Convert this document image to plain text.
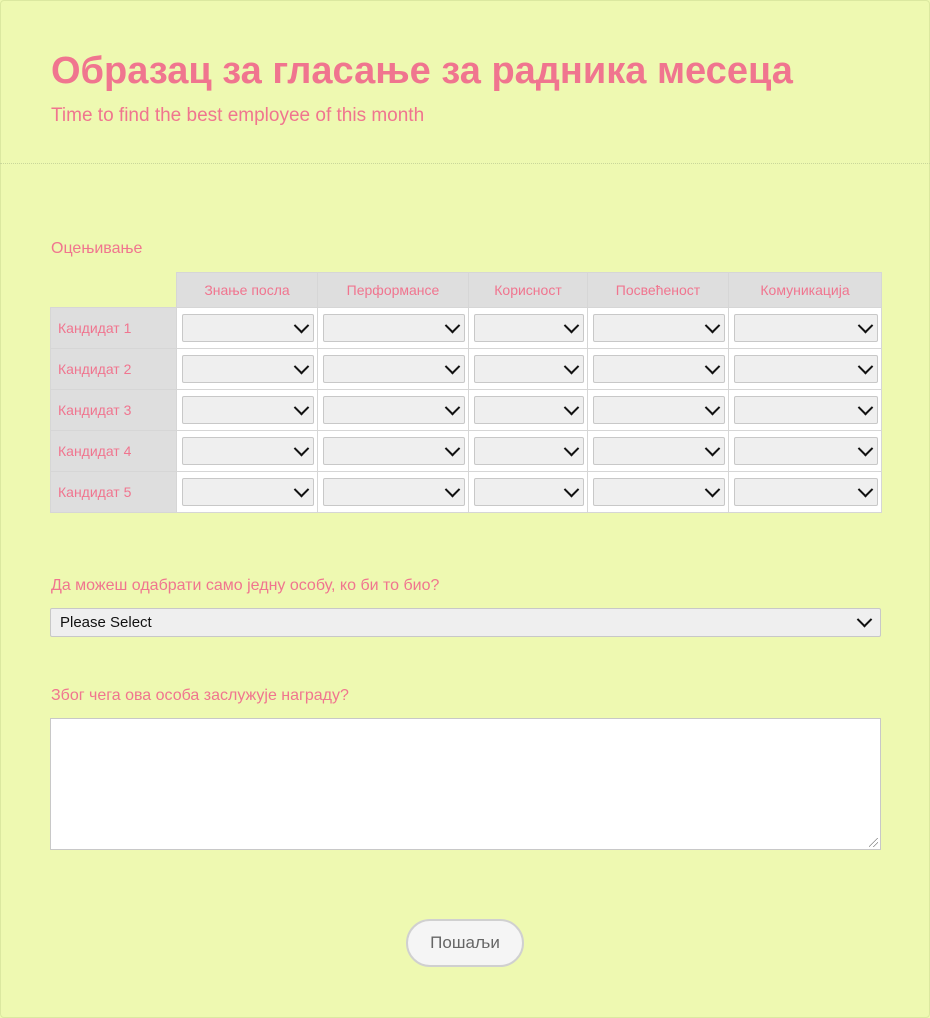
Образац за гласање за радника месеца
Time to find the best employee of this month
Оцењивање
	Знање посла	Перформансе	Корисност	Посвећеност	Комуникација
Кандидат 1	

Кандидат 2	

Кандидат 3	

Кандидат 4	

Кандидат 5	

Да можеш одабрати само једну особу, ко би то био?
Please Select
Због чега ова особа заслужује награду?
Пошаљи
